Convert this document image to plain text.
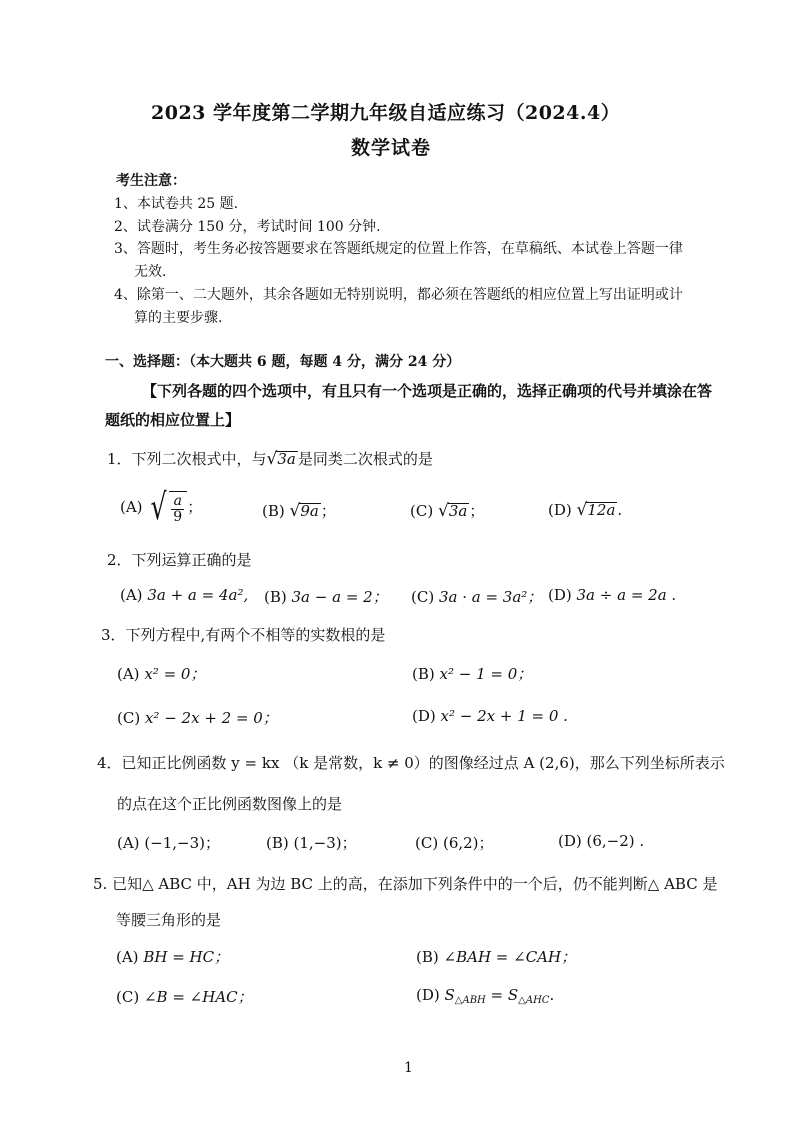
2023 学年度第二学期九年级自适应练习（2024.4）
数学试卷
考生注意：
1、本试卷共 25 题.
2、试卷满分 150 分，考试时间 100 分钟.
3、答题时，考生务必按答题要求在答题纸规定的位置上作答，在草稿纸、本试卷上答题一律
无效.
4、除第一、二大题外，其余各题如无特别说明，都必须在答题纸的相应位置上写出证明或计
算的主要步骤.
一、选择题：（本大题共 6 题，每题 4 分，满分 24 分）
【下列各题的四个选项中，有且只有一个选项是正确的，选择正确项的代号并填涂在答
题纸的相应位置上】
1．下列二次根式中，与√3a 是同类二次根式的是
(A) √ $\frac{a}{9}$ ；	(B) √9a ；	(C) √3a ；	(D) √12a .
2．下列运算正确的是
(A) 3a + a = 4a², (B) 3a − a = 2； (C) 3a · a = 3a²； (D) 3a ÷ a = 2a .
3．下列方程中,有两个不相等的实数根的是
(A) x² = 0；	(B) x² − 1 = 0；
(C) x² − 2x + 2 = 0；	(D) x² − 2x + 1 = 0 .
4．已知正比例函数 y = kx （k 是常数，k ≠ 0）的图像经过点 A (2,6)，那么下列坐标所表示
的点在这个正比例函数图像上的是
(A) (−1,−3)；	(B) (1,−3)；	(C) (6,2)；	(D) (6,−2) .
5. 已知△ ABC 中，AH 为边 BC 上的高，在添加下列条件中的一个后，仍不能判断△ ABC 是
等腰三角形的是
(A) BH = HC；	(B) ∠BAH = ∠CAH；
(C) ∠B = ∠HAC；	(D) $S_{\triangle ABH} = S_{\triangle AHC}$.
1
